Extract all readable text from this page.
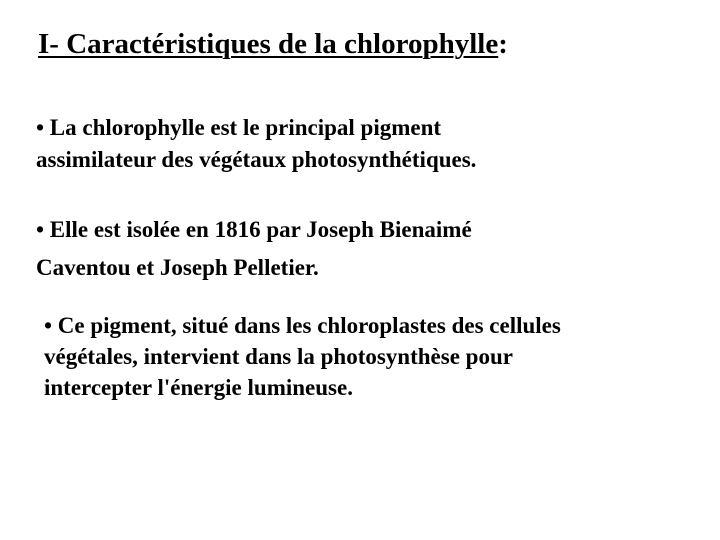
I- Caractéristiques de la chlorophylle:
• La chlorophylle est le principal pigment
assimilateur des végétaux photosynthétiques.
• Elle est isolée en 1816 par Joseph Bienaimé
Caventou et Joseph Pelletier.
• Ce pigment, situé dans les chloroplastes des cellules
végétales, intervient dans la photosynthèse pour
intercepter l'énergie lumineuse.
